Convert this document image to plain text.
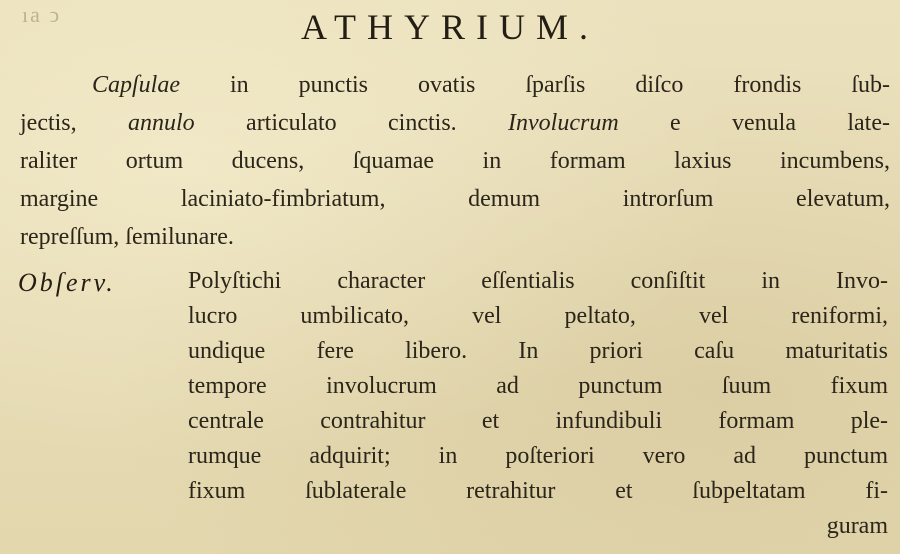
ıa ↄ	ATHYRIUM.
Capſulae in punctis ovatis ſparſis diſco frondis ſub-
jectis, annulo articulato cinctis. Involucrum e venula late-
raliter ortum ducens, ſquamae in formam laxius incumbens,
margine laciniato-fimbriatum, demum introrſum elevatum,
repreſſum, ſemilunare.
Obſerv.	Polyſtichi character eſſentialis conſiſtit in Invo-
lucro umbilicato, vel peltato, vel reniformi,
undique fere libero. In priori caſu maturitatis
tempore involucrum ad punctum ſuum fixum
centrale contrahitur et infundibuli formam ple-
rumque adquirit; in poſteriori vero ad punctum
fixum ſublaterale retrahitur et ſubpeltatam fi-
guram
